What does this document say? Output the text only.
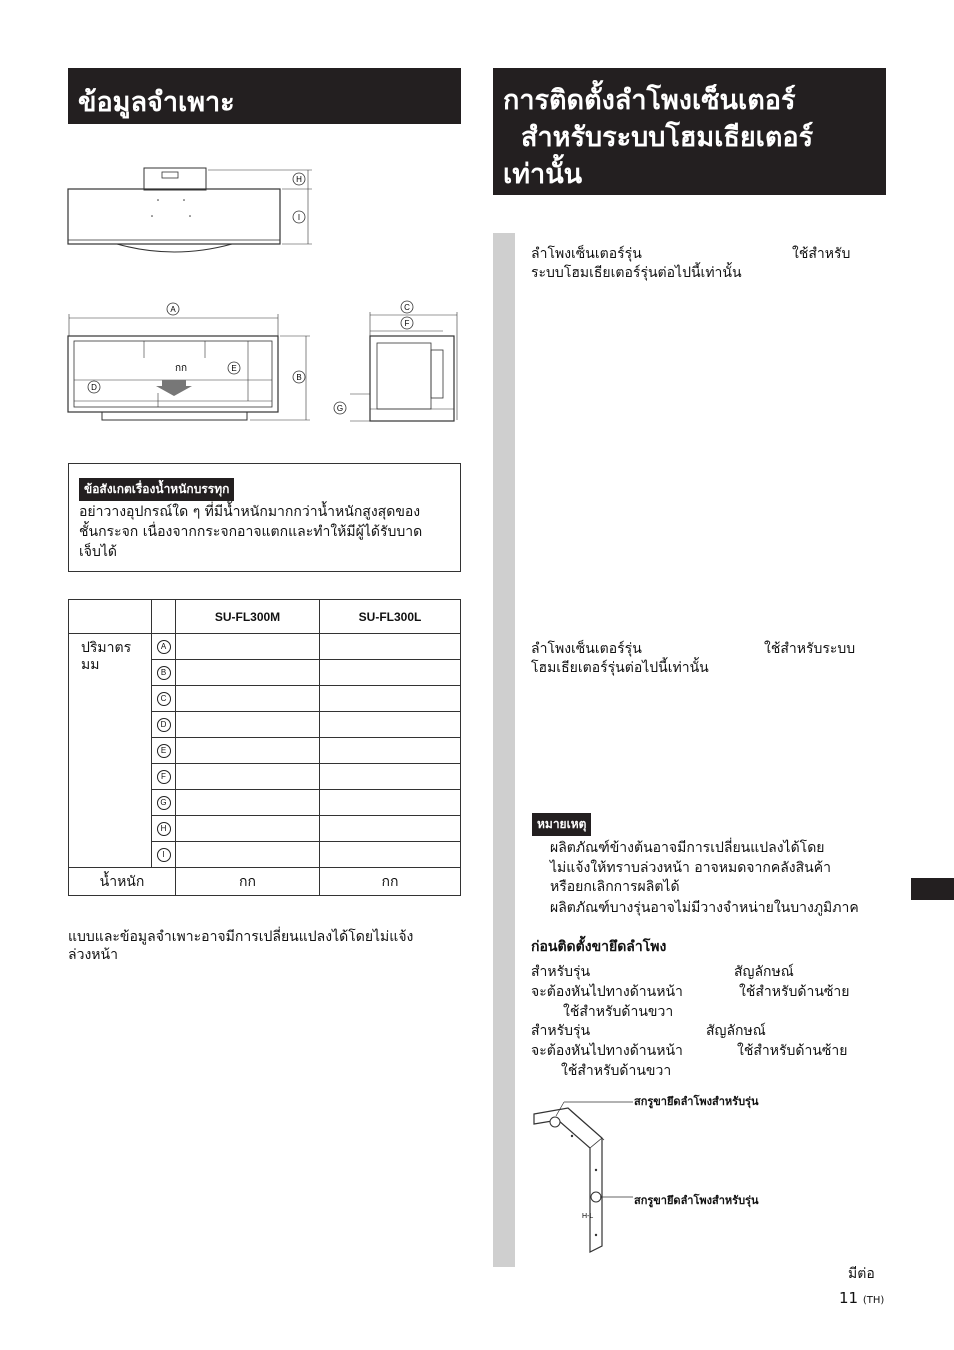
ข้อมูลจำเพาะ
H
I
A
กก	E
D
B
C
F
G
ข้อสังเกตเรื่องน้ำหนักบรรทุก
อย่าวางอุปกรณ์ใด ๆ ที่มีน้ำหนักมากกว่าน้ำหนักสูงสุดของ
ชั้นกระจก เนื่องจากกระจกอาจแตกและทำให้มีผู้ได้รับบาด
เจ็บได้
		SU-FL300M	SU-FL300L

ปริมาตร
มม	A		
	B		
	C		
	D		
	E		
	F		
	G		
	H		
	I		
น้ำหนัก		กก	กก
แบบและข้อมูลจำเพาะอาจมีการเปลี่ยนแปลงได้โดยไม่แจ้ง
ล่วงหน้า
การติดตั้งลำโพงเซ็นเตอร์
สำหรับระบบโฮมเธียเตอร์
เท่านั้น
ลำโพงเซ็นเตอร์รุ่น	ใช้สำหรับ
ระบบโฮมเธียเตอร์รุ่นต่อไปนี้เท่านั้น
ลำโพงเซ็นเตอร์รุ่น	ใช้สำหรับระบบ
โฮมเธียเตอร์รุ่นต่อไปนี้เท่านั้น
หมายเหตุ
ผลิตภัณฑ์ข้างต้นอาจมีการเปลี่ยนแปลงได้โดย
ไม่แจ้งให้ทราบล่วงหน้า อาจหมดจากคลังสินค้า
หรือยกเลิกการผลิตได้
ผลิตภัณฑ์บางรุ่นอาจไม่มีวางจำหน่ายในบางภูมิภาค
ก่อนติดตั้งขายึดลำโพง
สำหรับรุ่น	สัญลักษณ์
จะต้องหันไปทางด้านหน้า	ใช้สำหรับด้านซ้าย
ใช้สำหรับด้านขวา
สำหรับรุ่น	สัญลักษณ์
จะต้องหันไปทางด้านหน้า	ใช้สำหรับด้านซ้าย
ใช้สำหรับด้านขวา
H-L
สกรูขายึดลำโพงสำหรับรุ่น
สกรูขายึดลำโพงสำหรับรุ่น
มีต่อ
11 (TH)
